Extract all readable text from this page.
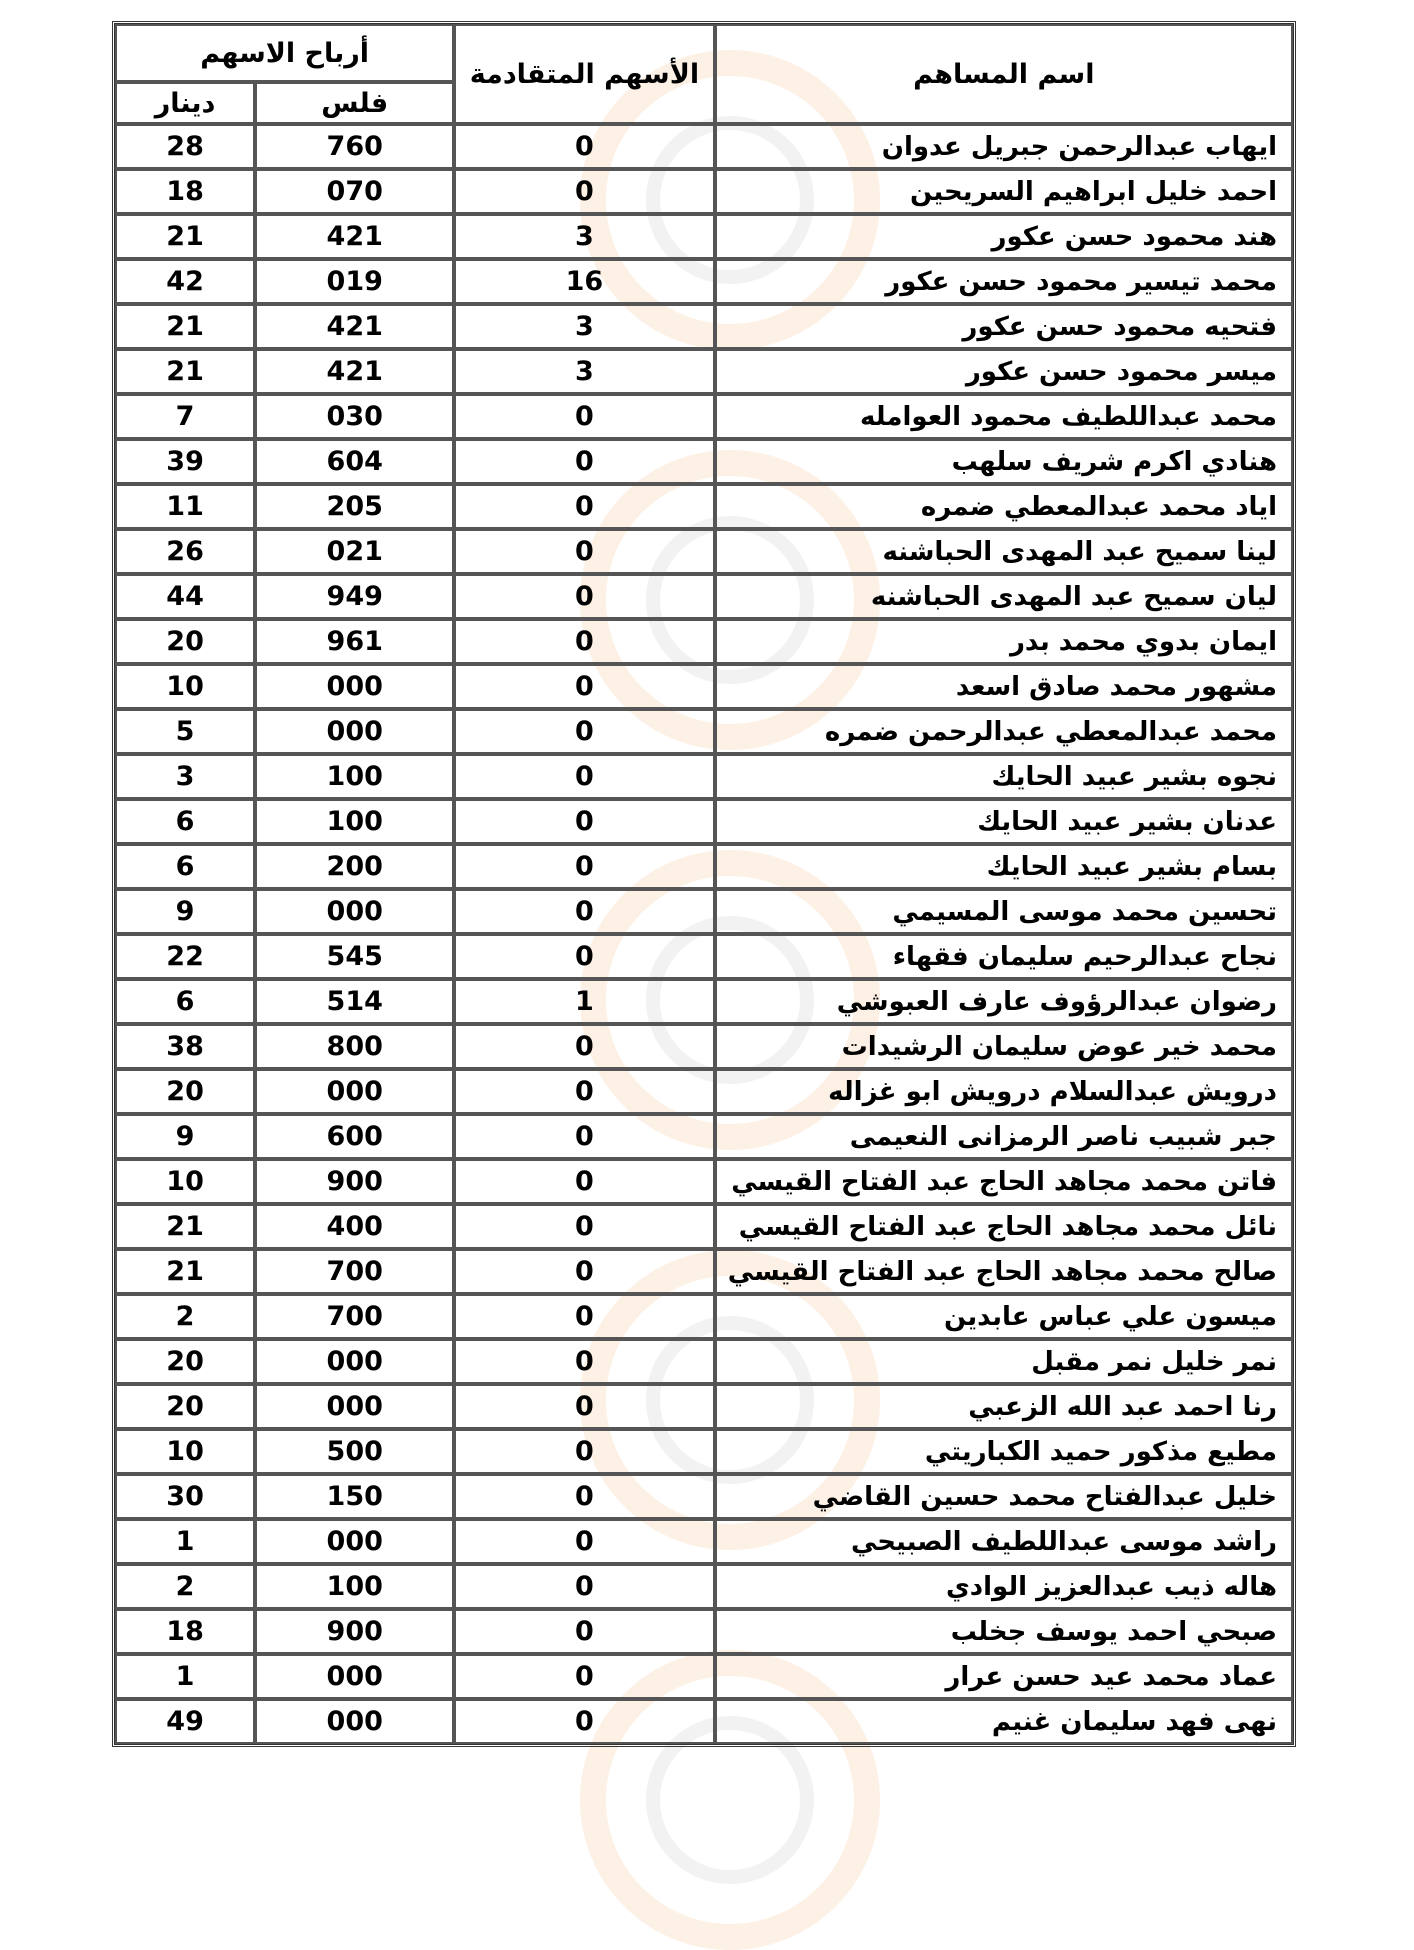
اسم المساهم	الأسهم المتقادمة	أرباح الاسهم	
		فلس	دينار
ايهاب عبدالرحمن جبريل عدوان	0	760	28
احمد خليل ابراهيم السريحين	0	070	18
هند محمود حسن عكور	3	421	21
محمد تيسير محمود حسن عكور	16	019	42
فتحيه محمود حسن عكور	3	421	21
ميسر محمود حسن عكور	3	421	21
محمد عبداللطيف محمود العوامله	0	030	7
هنادي اكرم شريف سلهب	0	604	39
اياد محمد عبدالمعطي ضمره	0	205	11
لينا سميح عبد المهدى الحباشنه	0	021	26
ليان سميح عبد المهدى الحباشنه	0	949	44
ايمان بدوي محمد بدر	0	961	20
مشهور محمد صادق اسعد	0	000	10
محمد عبدالمعطي عبدالرحمن ضمره	0	000	5
نجوه بشير عبيد الحايك	0	100	3
عدنان بشير عبيد الحايك	0	100	6
بسام بشير عبيد الحايك	0	200	6
تحسين محمد موسى المسيمي	0	000	9
نجاح عبدالرحيم سليمان فقهاء	0	545	22
رضوان عبدالرؤوف عارف العبوشي	1	514	6
محمد خير عوض سليمان الرشيدات	0	800	38
درويش عبدالسلام درويش ابو غزاله	0	000	20
جبر شبيب ناصر الرمزانى النعيمى	0	600	9
فاتن محمد مجاهد الحاج عبد الفتاح القيسي	0	900	10
نائل محمد مجاهد الحاج عبد الفتاح القيسي	0	400	21
صالح محمد مجاهد الحاج عبد الفتاح القيسي	0	700	21
ميسون علي عباس عابدين	0	700	2
نمر خليل نمر مقبل	0	000	20
رنا احمد عبد الله الزعبي	0	000	20
مطيع مذكور حميد الكباريتي	0	500	10
خليل عبدالفتاح محمد حسين القاضي	0	150	30
راشد موسى عبداللطيف الصبيحي	0	000	1
هاله ذيب عبدالعزيز الوادي	0	100	2
صبحي احمد يوسف جخلب	0	900	18
عماد محمد عيد حسن عرار	0	000	1
نهى فهد سليمان غنيم	0	000	49
